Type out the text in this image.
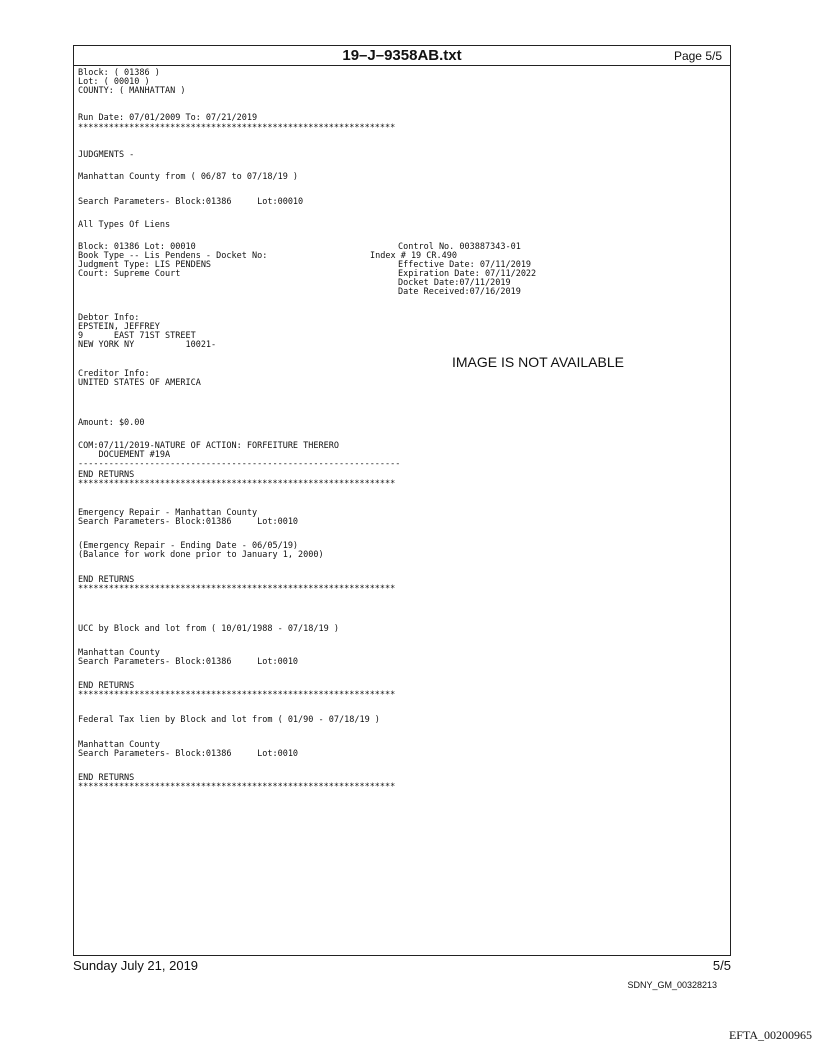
19–J–9358AB.txt	Page 5/5
Block: ( 01386 )
Lot: ( 00010 )
COUNTY: ( MANHATTAN )
Run Date: 07/01/2009 To: 07/21/2019
**************************************************************
JUDGMENTS -
Manhattan County from ( 06/87 to 07/18/19 )
Search Parameters- Block:01386     Lot:00010
All Types Of Liens
Block: 01386 Lot: 00010
Book Type -- Lis Pendens - Docket No:
Judgment Type: LIS PENDENS
Court: Supreme Court
Debtor Info:
EPSTEIN, JEFFREY
9      EAST 71ST STREET
NEW YORK NY          10021-
Creditor Info:
UNITED STATES OF AMERICA
Amount: $0.00
COM:07/11/2019-NATURE OF ACTION: FORFEITURE THERERO
DOCUEMENT #19A
---------------------------------------------------------------
END RETURNS
**************************************************************
Emergency Repair - Manhattan County
Search Parameters- Block:01386     Lot:0010
(Emergency Repair - Ending Date - 06/05/19)
(Balance for work done prior to January 1, 2000)
END RETURNS
**************************************************************
UCC by Block and lot from ( 10/01/1988 - 07/18/19 )
Manhattan County
Search Parameters- Block:01386     Lot:0010
END RETURNS
**************************************************************
Federal Tax lien by Block and lot from ( 01/90 - 07/18/19 )
Manhattan County
Search Parameters- Block:01386     Lot:0010
END RETURNS
**************************************************************
Control No. 003887343-01
Index # 19 CR.490
Effective Date: 07/11/2019
Expiration Date: 07/11/2022
Docket Date:07/11/2019
Date Received:07/16/2019
IMAGE IS NOT AVAILABLE
Sunday July 21, 2019	5/5
SDNY_GM_00328213
EFTA_00200965
